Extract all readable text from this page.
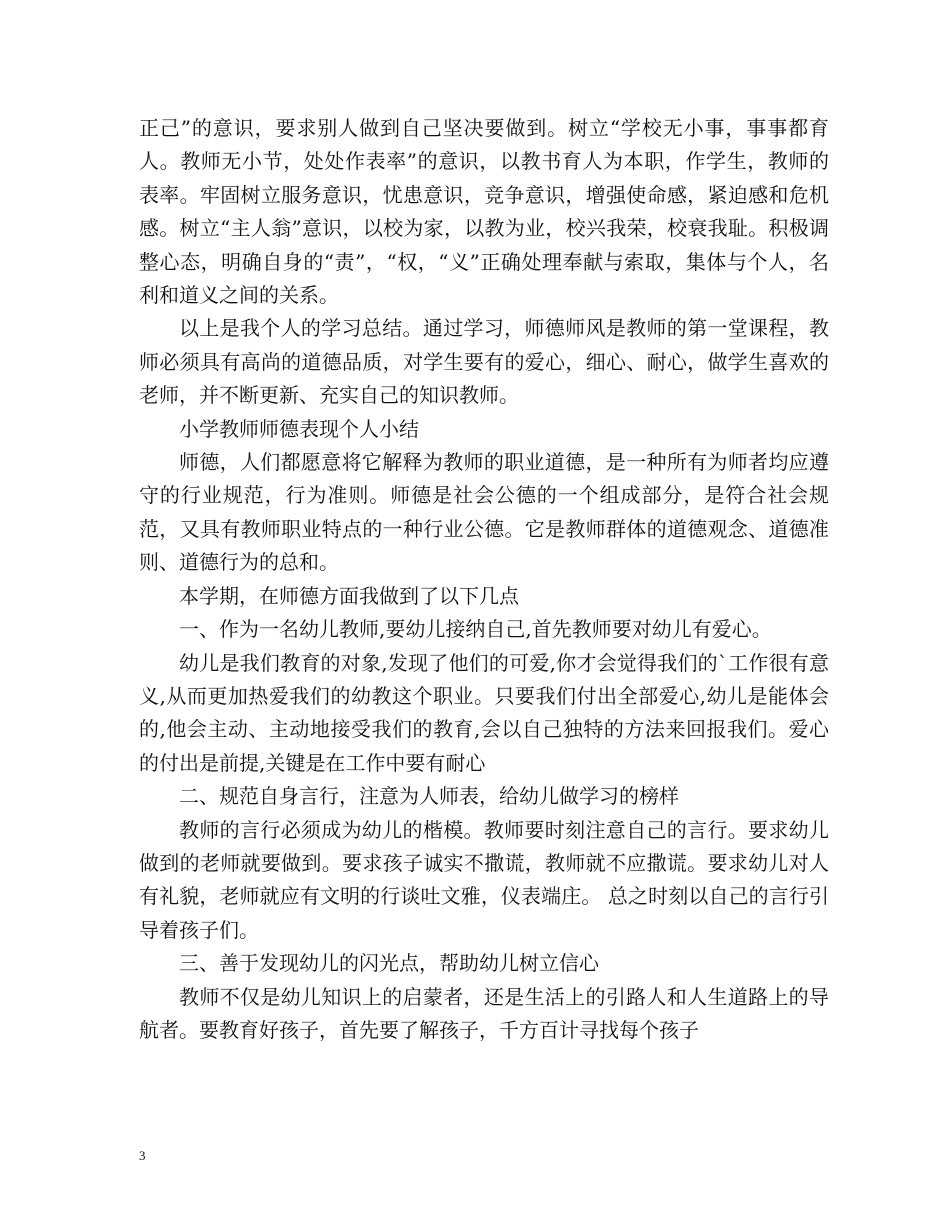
正己”的意识，要求别人做到自己坚决要做到。树立“学校无小事，事事都育人。教师无小节，处处作表率”的意识，以教书育人为本职，作学生，教师的表率。牢固树立服务意识，忧患意识，竞争意识，增强使命感，紧迫感和危机感。树立“主人翁”意识，以校为家，以教为业，校兴我荣，校衰我耻。积极调整心态，明确自身的“责”，“权，“义”正确处理奉献与索取，集体与个人，名利和道义之间的关系。

以上是我个人的学习总结。通过学习，师德师风是教师的第一堂课程，教师必须具有高尚的道德品质，对学生要有的爱心，细心、耐心，做学生喜欢的老师，并不断更新、充实自己的知识教师。

小学教师师德表现个人小结

师德，人们都愿意将它解释为教师的职业道德，是一种所有为师者均应遵守的行业规范，行为准则。师德是社会公德的一个组成部分，是符合社会规范，又具有教师职业特点的一种行业公德。它是教师群体的道德观念、道德准则、道德行为的总和。

本学期，在师德方面我做到了以下几点

一、作为一名幼儿教师,要幼儿接纳自己,首先教师要对幼儿有爱心。

幼儿是我们教育的对象,发现了他们的可爱,你才会觉得我们的`工作很有意义,从而更加热爱我们的幼教这个职业。只要我们付出全部爱心,幼儿是能体会的,他会主动、主动地接受我们的教育,会以自己独特的方法来回报我们。爱心的付出是前提,关键是在工作中要有耐心

二、规范自身言行，注意为人师表，给幼儿做学习的榜样

教师的言行必须成为幼儿的楷模。教师要时刻注意自己的言行。要求幼儿做到的老师就要做到。要求孩子诚实不撒谎，教师就不应撒谎。要求幼儿对人有礼貌，老师就应有文明的行谈吐文雅，仪表端庄。 总之时刻以自己的言行引导着孩子们。

三、善于发现幼儿的闪光点，帮助幼儿树立信心

教师不仅是幼儿知识上的启蒙者，还是生活上的引路人和人生道路上的导航者。要教育好孩子，首先要了解孩子，千方百计寻找每个孩子

3
